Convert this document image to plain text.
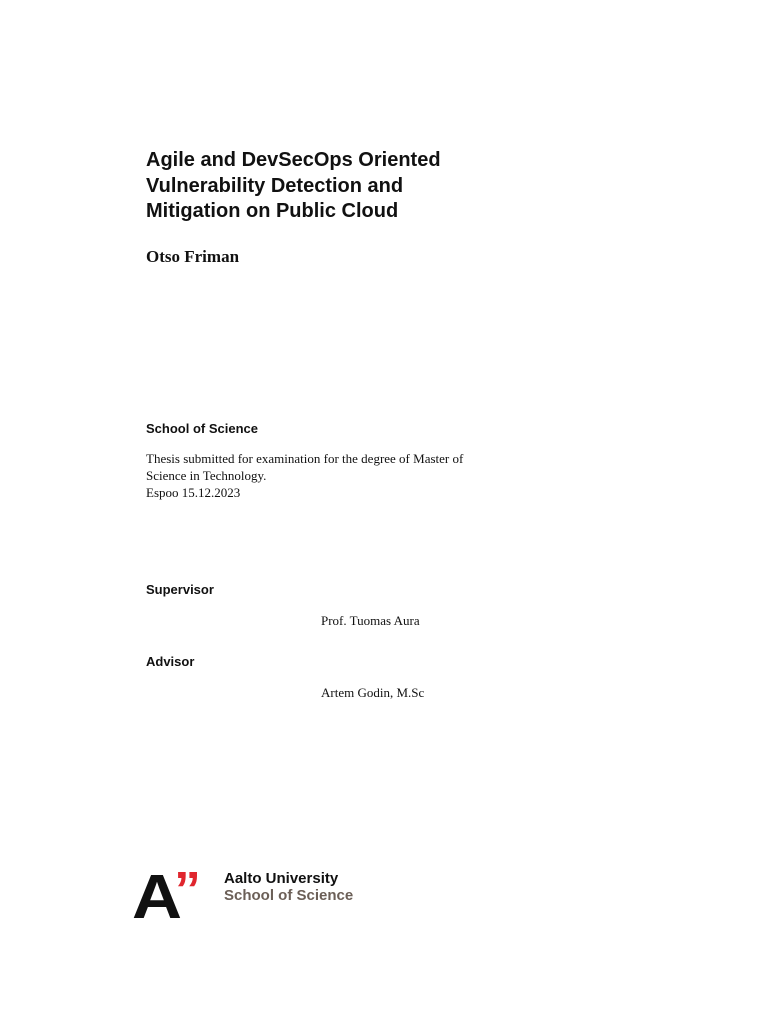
Agile and DevSecOps Oriented
Vulnerability Detection and
Mitigation on Public Cloud
Otso Friman
School of Science
Thesis submitted for examination for the degree of Master of
Science in Technology.
Espoo 15.12.2023
Supervisor
Prof. Tuomas Aura
Advisor
Artem Godin, M.Sc
A
” Aalto University
School of Science
